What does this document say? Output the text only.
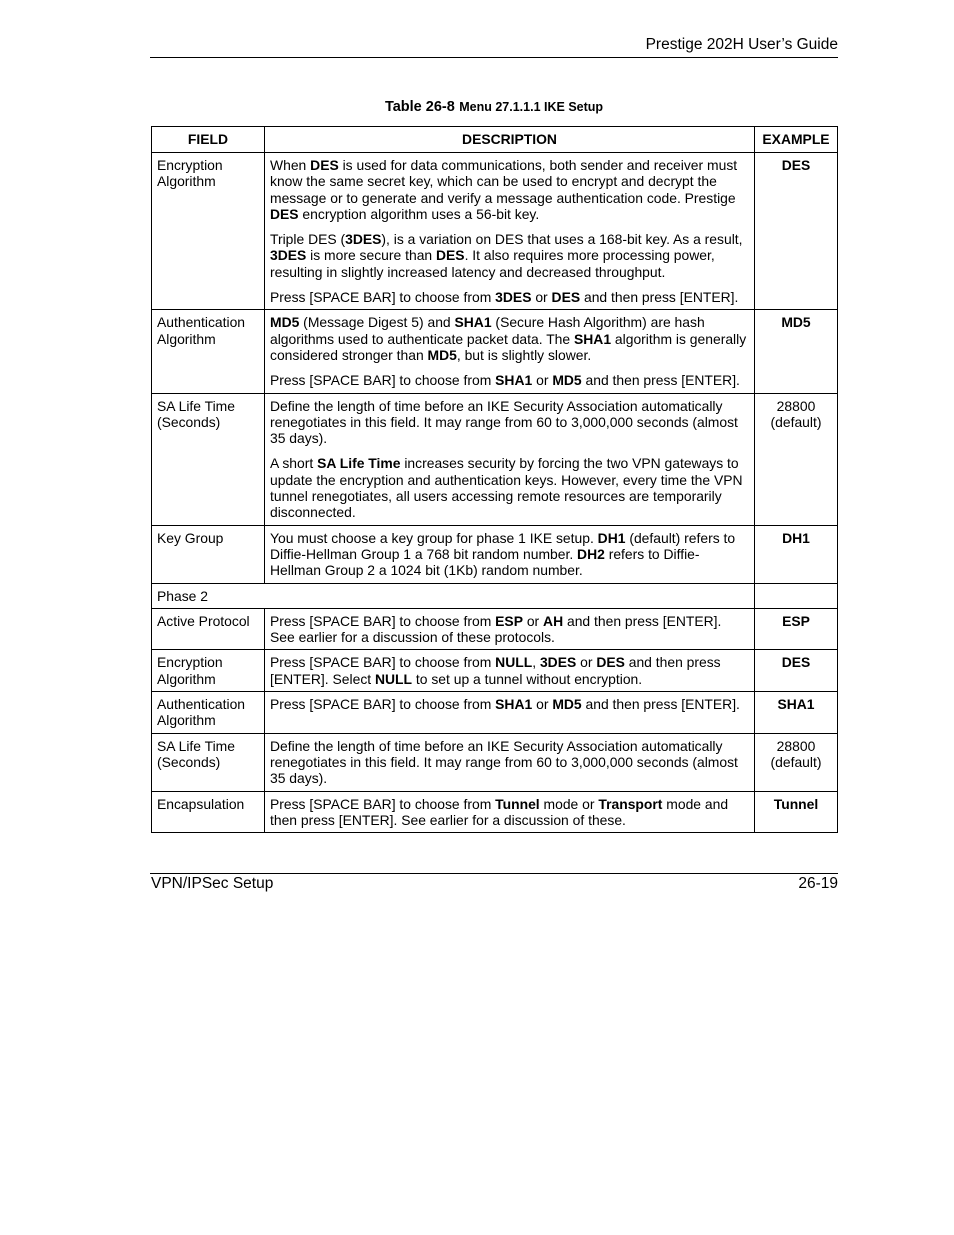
Prestige 202H User’s Guide
Table 26-8 Menu 27.1.1.1 IKE Setup
FIELD	DESCRIPTION	EXAMPLE
Encryption Algorithm	When DES is used for data communications, both sender and receiver must know the same secret key, which can be used to encrypt and decrypt the message or to generate and verify a message authentication code. Prestige DES encryption algorithm uses a 56-bit key.

Triple DES (3DES), is a variation on DES that uses a 168-bit key. As a result, 3DES is more secure than DES. It also requires more processing power, resulting in slightly increased latency and decreased throughput.

Press [SPACE BAR] to choose from 3DES or DES and then press [ENTER].	DES
Authentication Algorithm	MD5 (Message Digest 5) and SHA1 (Secure Hash Algorithm) are hash algorithms used to authenticate packet data. The SHA1 algorithm is generally considered stronger than MD5, but is slightly slower.

Press [SPACE BAR] to choose from SHA1 or MD5 and then press [ENTER].	MD5
SA Life Time (Seconds)	Define the length of time before an IKE Security Association automatically renegotiates in this field. It may range from 60 to 3,000,000 seconds (almost 35 days).

A short SA Life Time increases security by forcing the two VPN gateways to update the encryption and authentication keys. However, every time the VPN tunnel renegotiates, all users accessing remote resources are temporarily disconnected.	28800 (default)
Key Group	You must choose a key group for phase 1 IKE setup. DH1 (default) refers to Diffie-Hellman Group 1 a 768 bit random number. DH2 refers to Diffie-Hellman Group 2 a 1024 bit (1Kb) random number.	DH1
Phase 2		
Active Protocol	Press [SPACE BAR] to choose from ESP or AH and then press [ENTER]. See earlier for a discussion of these protocols.	ESP
Encryption Algorithm	Press [SPACE BAR] to choose from NULL, 3DES or DES and then press [ENTER]. Select NULL to set up a tunnel without encryption.	DES
Authentication Algorithm	Press [SPACE BAR] to choose from SHA1 or MD5 and then press [ENTER].	SHA1
SA Life Time (Seconds)	Define the length of time before an IKE Security Association automatically renegotiates in this field. It may range from 60 to 3,000,000 seconds (almost 35 days).	28800 (default)
Encapsulation	Press [SPACE BAR] to choose from Tunnel mode or Transport mode and then press [ENTER]. See earlier for a discussion of these.	Tunnel
VPN/IPSec Setup	26-19
